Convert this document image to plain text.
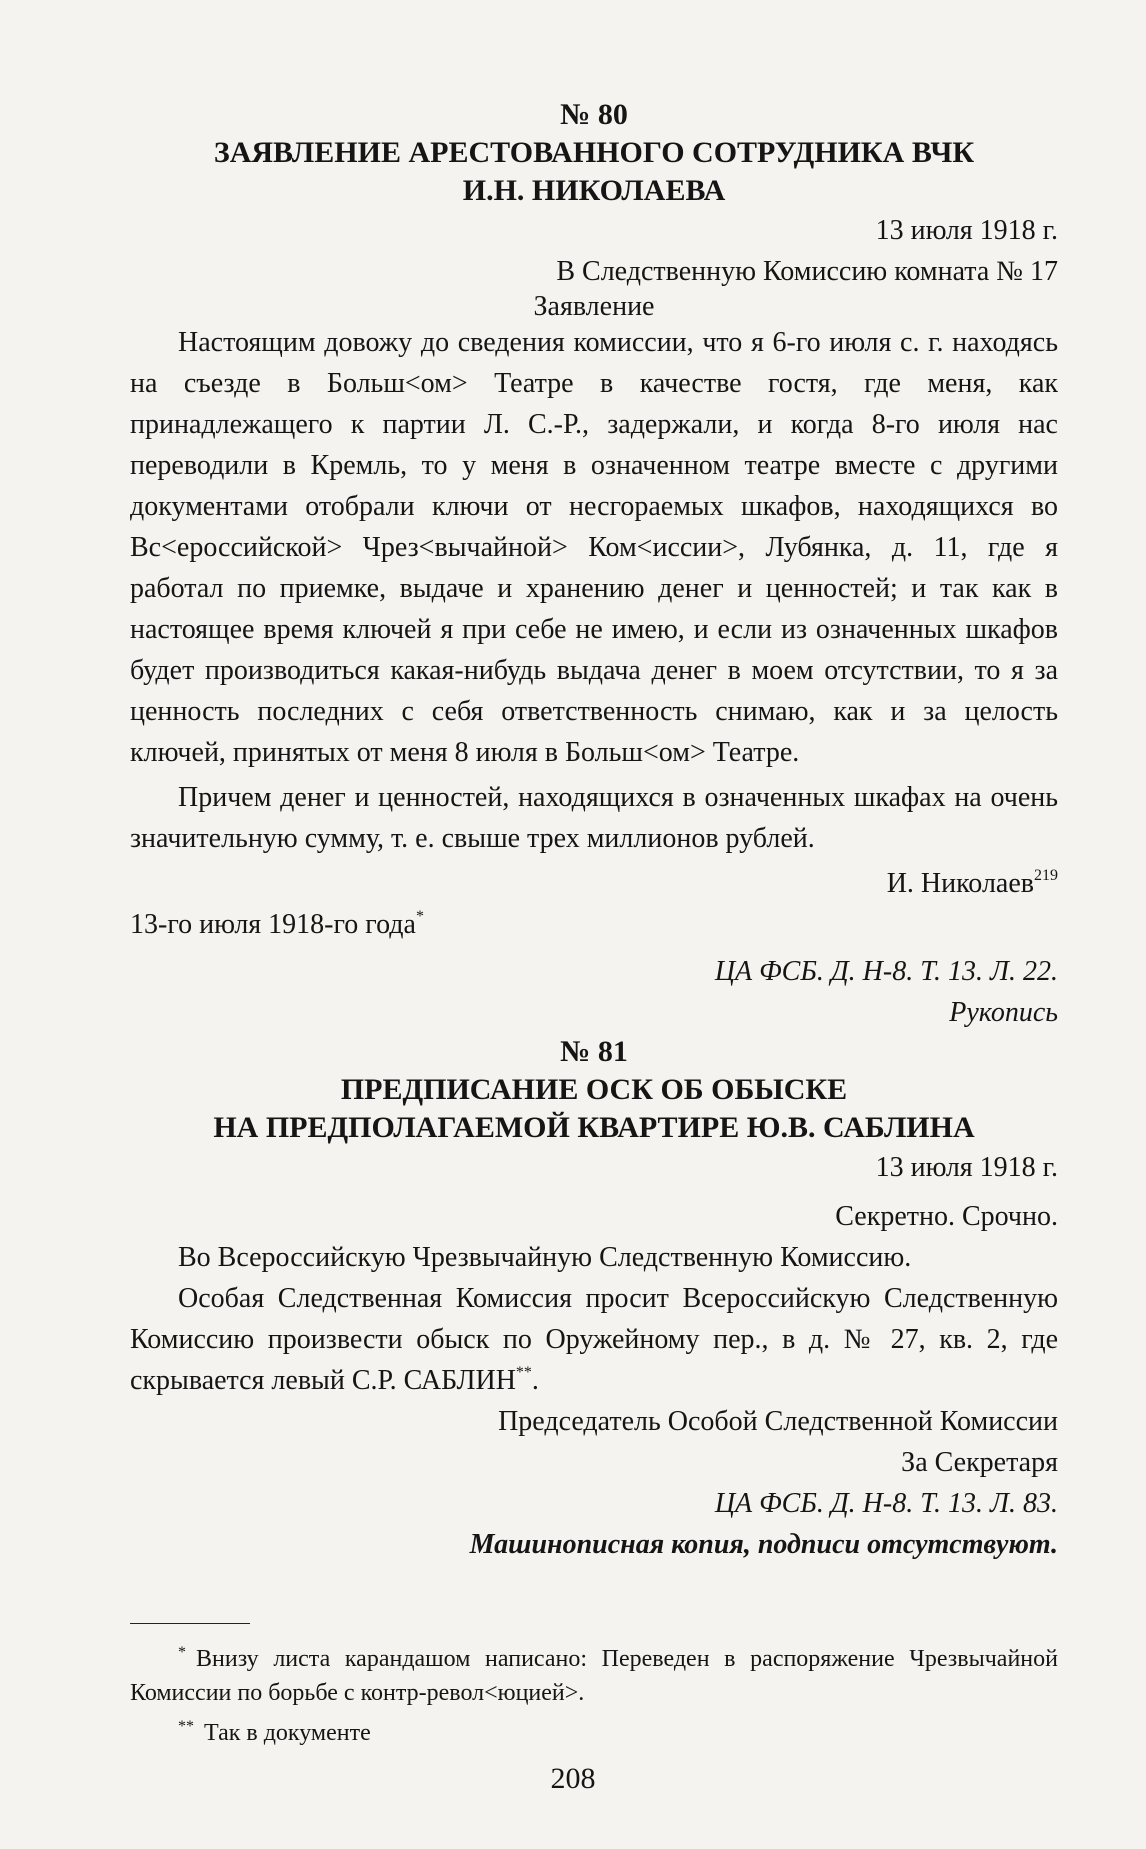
№ 80
ЗАЯВЛЕНИЕ АРЕСТОВАННОГО СОТРУДНИКА ВЧК
И.Н. НИКОЛАЕВА
13 июля 1918 г.
В Следственную Комиссию комната № 17
Заявление

Настоящим довожу до сведения комиссии, что я 6-го июля с. г. находясь на съезде в Больш<ом> Театре в качестве гостя, где меня, как принадлежащего к партии Л. С.-Р., задержали, и когда 8-го июля нас переводили в Кремль, то у меня в означенном театре вместе с другими документами отобрали ключи от несгораемых шкафов, находящихся во Вс<ероссийской> Чрез<вычайной> Ком<иссии>, Лубянка, д. 11, где я работал по приемке, выдаче и хранению денег и ценностей; и так как в настоящее время ключей я при себе не имею, и если из означенных шкафов будет производиться какая-нибудь выдача денег в моем отсутствии, то я за ценность последних с себя ответственность снимаю, как и за целость ключей, принятых от меня 8 июля в Больш<ом> Театре.

Причем денег и ценностей, находящихся в означенных шкафах на очень значительную сумму, т. е. свыше трех миллионов рублей.

И. Николаев$^{219}$
13-го июля 1918-го года*
ЦА ФСБ. Д. Н-8. Т. 13. Л. 22.
Рукопись
№ 81
ПРЕДПИСАНИЕ ОСК ОБ ОБЫСКЕ
НА ПРЕДПОЛАГАЕМОЙ КВАРТИРЕ Ю.В. САБЛИНА
13 июля 1918 г.
Секретно. Срочно.
Во Всероссийскую Чрезвычайную Следственную Комиссию.

Особая Следственная Комиссия просит Всероссийскую Следственную Комиссию произвести обыск по Оружейному пер., в д. № 27, кв. 2, где скрывается левый С.Р. САБЛИН**.

Председатель Особой Следственной Комиссии
За Секретаря
ЦА ФСБ. Д. Н-8. Т. 13. Л. 83.
Машинописная копия, подписи отсутствуют.
* Внизу листа карандашом написано: Переведен в распоряжение Чрезвычайной Комиссии по борьбе с контр-револ<юцией>.
** Так в документе
208
